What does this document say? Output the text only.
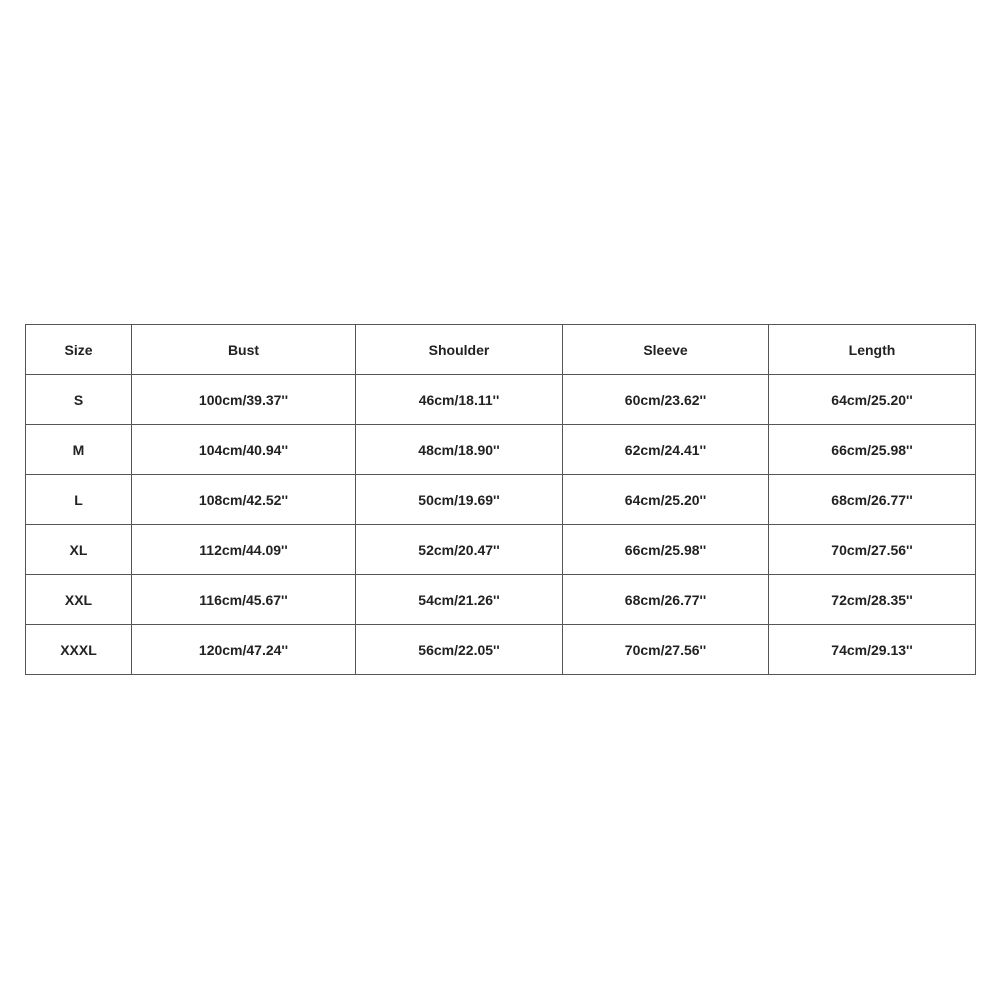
Size	Bust	Shoulder	Sleeve	Length
S	100cm/39.37''	46cm/18.11''	60cm/23.62''	64cm/25.20''
M	104cm/40.94''	48cm/18.90''	62cm/24.41''	66cm/25.98''
L	108cm/42.52''	50cm/19.69''	64cm/25.20''	68cm/26.77''
XL	112cm/44.09''	52cm/20.47''	66cm/25.98''	70cm/27.56''
XXL	116cm/45.67''	54cm/21.26''	68cm/26.77''	72cm/28.35''
XXXL	120cm/47.24''	56cm/22.05''	70cm/27.56''	74cm/29.13''
